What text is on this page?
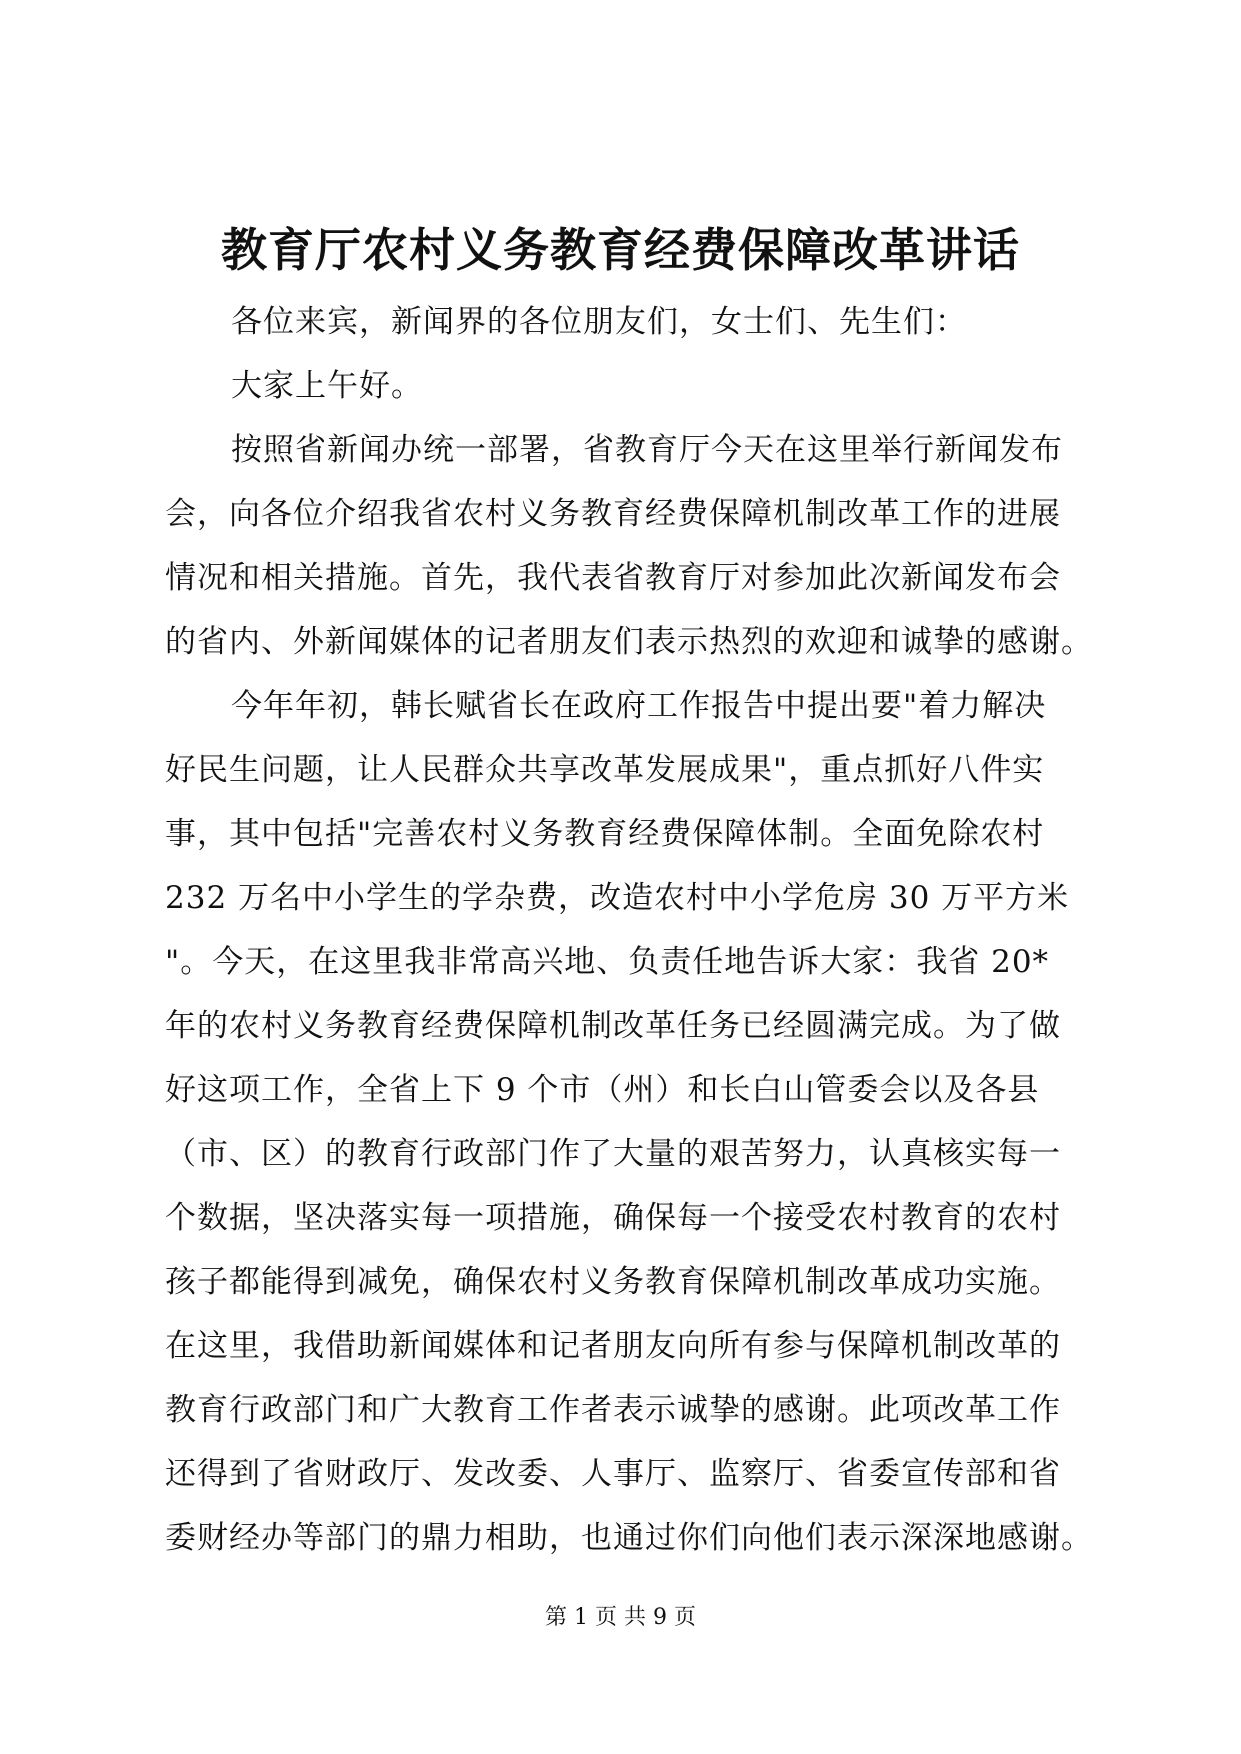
教育厅农村义务教育经费保障改革讲话
各位来宾，新闻界的各位朋友们，女士们、先生们：
大家上午好。
按照省新闻办统一部署，省教育厅今天在这里举行新闻发布
会，向各位介绍我省农村义务教育经费保障机制改革工作的进展
情况和相关措施。首先，我代表省教育厅对参加此次新闻发布会
的省内、外新闻媒体的记者朋友们表示热烈的欢迎和诚挚的感谢。
今年年初，韩长赋省长在政府工作报告中提出要"着力解决
好民生问题，让人民群众共享改革发展成果"，重点抓好八件实
事，其中包括"完善农村义务教育经费保障体制。全面免除农村
232 万名中小学生的学杂费，改造农村中小学危房 30 万平方米
"。今天，在这里我非常高兴地、负责任地告诉大家：我省 20*
年的农村义务教育经费保障机制改革任务已经圆满完成。为了做
好这项工作，全省上下 9 个市（州）和长白山管委会以及各县
（市、区）的教育行政部门作了大量的艰苦努力，认真核实每一
个数据，坚决落实每一项措施，确保每一个接受农村教育的农村
孩子都能得到减免，确保农村义务教育保障机制改革成功实施。
在这里，我借助新闻媒体和记者朋友向所有参与保障机制改革的
教育行政部门和广大教育工作者表示诚挚的感谢。此项改革工作
还得到了省财政厅、发改委、人事厅、监察厅、省委宣传部和省
委财经办等部门的鼎力相助，也通过你们向他们表示深深地感谢。
第 1 页 共 9 页
